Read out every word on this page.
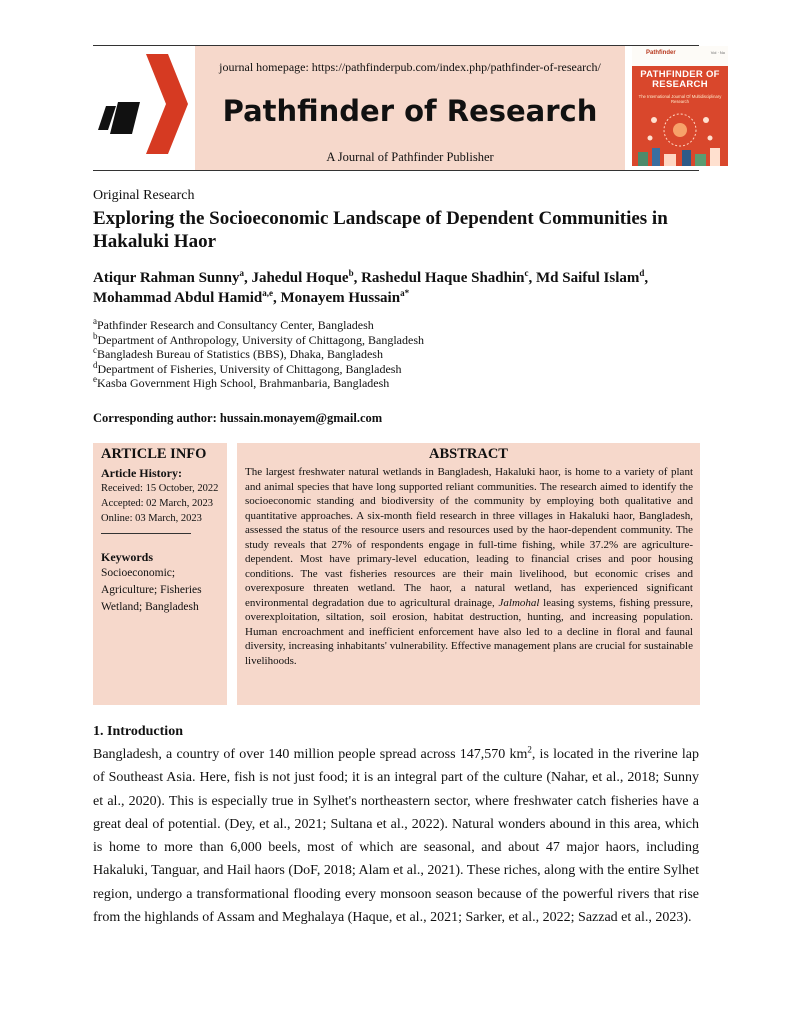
journal homepage: https://pathfinderpub.com/index.php/pathfinder-of-research/
Pathfinder of Research
A Journal of Pathfinder Publisher
Pathfinder	Vol · No
PATHFINDER OF
RESEARCH
The International Journal Of Multidisciplinary Research
Original Research
Exploring the Socioeconomic Landscape of Dependent Communities in Hakaluki Haor
Atiqur Rahman Sunny$^a$, Jahedul Hoque$^b$, Rashedul Haque Shadhin$^c$, Md Saiful Islam$^d$,
Mohammad Abdul Hamid$^{a,e}$, Monayem Hussain$^{a*}$
$^a$Pathfinder Research and Consultancy Center, Bangladesh
$^b$Department of Anthropology, University of Chittagong, Bangladesh
$^c$Bangladesh Bureau of Statistics (BBS), Dhaka, Bangladesh
$^d$Department of Fisheries, University of Chittagong, Bangladesh
$^e$Kasba Government High School, Brahmanbaria, Bangladesh
Corresponding author: hussain.monayem@gmail.com
ARTICLE INFO
Article History:
Received: 15 October, 2022
Accepted: 02 March, 2023
Online: 03 March, 2023
Keywords
Socioeconomic;
Agriculture; Fisheries
Wetland; Bangladesh
ABSTRACT
The largest freshwater natural wetlands in Bangladesh, Hakaluki haor, is home to a variety of plant and animal species that have long supported reliant communities. The research aimed to identify the socioeconomic standing and biodiversity of the community by employing both qualitative and quantitative approaches. A six-month field research in three villages in Hakaluki haor, Bangladesh, assessed the status of the resource users and resources used by the haor-dependent community. The study reveals that 27% of respondents engage in full-time fishing, while 37.2% are agriculture-dependent. Most have primary-level education, leading to financial crises and poor housing conditions. The vast fisheries resources are their main livelihood, but economic crises and overexposure threaten wetland. The haor, a natural wetland, has experienced significant environmental degradation due to agricultural drainage, Jalmohal leasing systems, fishing pressure, overexploitation, siltation, soil erosion, habitat destruction, hunting, and increasing population. Human encroachment and inefficient enforcement have also led to a decline in floral and faunal diversity, increasing inhabitants' vulnerability. Effective management plans are crucial for sustainable livelihoods.
1. Introduction
Bangladesh, a country of over 140 million people spread across 147,570 $km^2$, is located in the riverine lap of Southeast Asia. Here, fish is not just food; it is an integral part of the culture (Nahar, et al., 2018; Sunny et al., 2020). This is especially true in Sylhet's northeastern sector, where freshwater catch fisheries have a great deal of potential. (Dey, et al., 2021; Sultana et al., 2022). Natural wonders abound in this area, which is home to more than 6,000 beels, most of which are seasonal, and about 47 major haors, including Hakaluki, Tanguar, and Hail haors (DoF, 2018; Alam et al., 2021). These riches, along with the entire Sylhet region, undergo a transformational flooding every monsoon season because of the powerful rivers that rise from the highlands of Assam and Meghalaya (Haque, et al., 2021; Sarker, et al., 2022; Sazzad et al., 2023).
